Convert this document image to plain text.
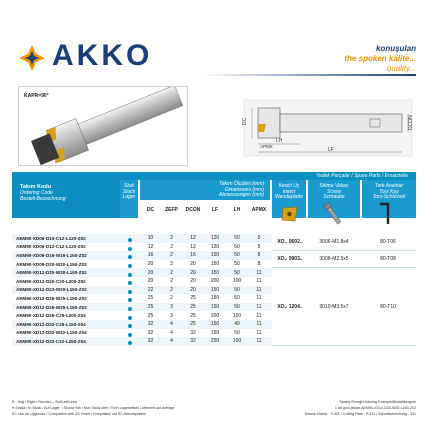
AKKO	konuşulan
the spoken kalite...
quality...
KAPR=90°
DC
LH
LF
DCON
APMX
Takım Kodu
Ordering Code
Bestell-Bezeichnung
Stok
Stock
Lager
Takım Ölçüleri (mm)
Dimensions (mm)
Abmessungen (mm)
Kesici Uç
Insert
Wendeplatte
Yedek Parçalar / Spare Parts / Ersatzteile
Sıkma Vidası
Screw
Schraube
Tork Anahtar
Torx Key
Torx-Schlüssel
DC	ZEFP	DCON	LF	LH	APMX
AEM90-XD06-D10-C12-L120-Z02	10	2	12	120	50	5
AEM90-XD06-D12-C12-L120-Z02	12	2	12	120	50	5
AEM90-XD09-D16-W16-L150-Z02	16	2	16	150	50	8
AEM90-XD09-D20-W20-L150-Z03	20	3	20	150	50	8
AEM90-XD12-D20-W20-L150-Z02	20	2	20	150	50	11
AEM90-XD12-D20-C20-L200-Z02	20	2	20	200	100	11
AEM90-XD12-D22-W20-L150-Z02	22	2	20	150	50	11
AEM90-XD12-D25-W25-L150-Z02	25	2	25	150	50	11
AEM90-XD12-D25-W25-L150-Z03	25	3	25	150	50	11
AEM90-XD12-D25-C25-L200-Z03	25	3	25	200	100	11
AEM90-XD12-D32-C25-L150-Z04	32	4	25	150	40	11
AEM90-XD12-D32-W32-L150-Z04	32	4	32	150	50	11
AEM90-XD12-D32-C32-L250-Z04	32	4	32	250	100	11
XO.. 0602..	3006-M1.8x4	80-T06
XO.. 0903..	3008-M2.5x5	80-T08
XO.. 1204..	3010-M3.5x7	80-T10
R : Sağ / Right / Rechts L : Sol/Left/Links
● Stokta / In Stock / Auf Lager ○ Stokta Yok / Non Stock Item / Kein Lagerartikel, Lieferzeit auf Anfrage
SC Ucu ile Uygundur / Compatible with SC Insert / Kompatibel mit SC-Wendeplatten
Sipariş Örneği/Ordering Example/Bestellbeispiel
1 ad.(pcs.)stück AEM90-XD12-D20-W20-L150-Z02
Kesme Hızıdır : S:331 / Cutting Rate : P:331 / Schnittbereichung : 331
